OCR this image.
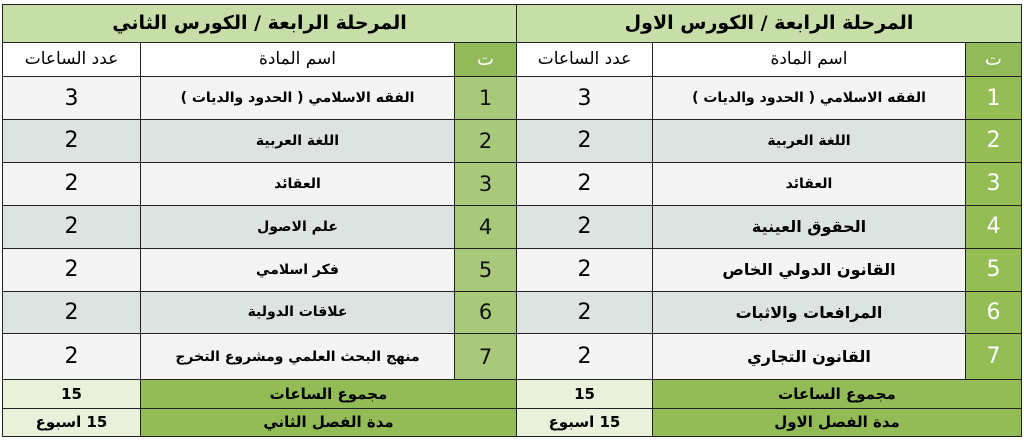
المرحلة الرابعة / الكورس الثاني			المرحلة الرابعة / الكورس الاول		
عدد الساعات	اسم المادة	ت	عدد الساعات	اسم المادة	ت
3	الفقه الاسلامي ( الحدود والديات )	1	3	الفقه الاسلامي ( الحدود والديات )	1
2	اللغة العربية	2	2	اللغة العربية	2
2	العقائد	3	2	العقائد	3
2	علم الاصول	4	2	الحقوق العينية	4
2	فكر اسلامي	5	2	القانون الدولي الخاص	5
2	علاقات الدولية	6	2	المرافعات والاثبات	6
2	منهج البحث العلمي ومشروع التخرج	7	2	القانون التجاري	7
15	مجموع الساعات		15	مجموع الساعات	
15 اسبوع	مدة الفصل الثاني		15 اسبوع	مدة الفصل الاول	
